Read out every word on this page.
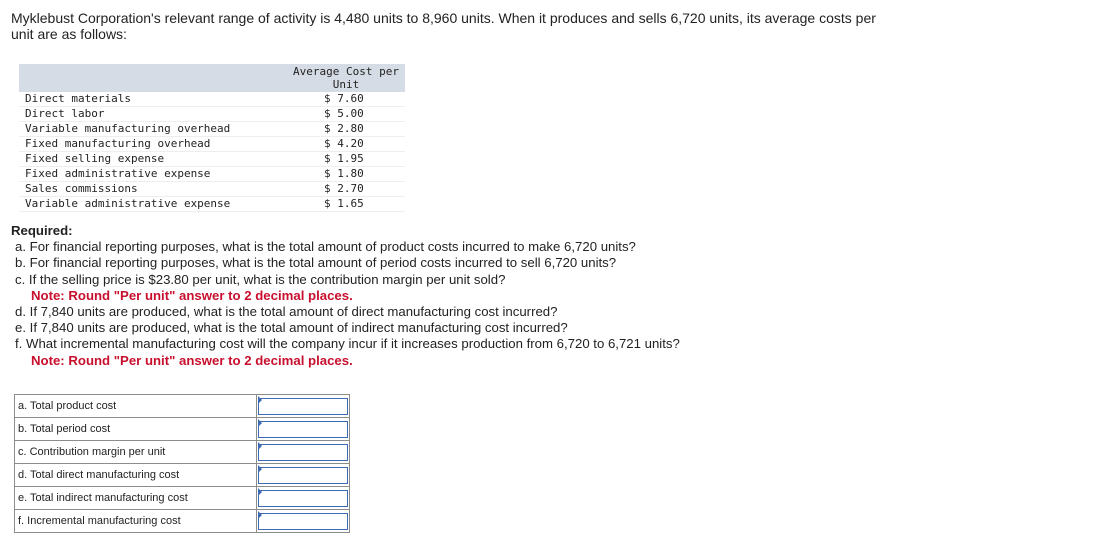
Myklebust Corporation's relevant range of activity is 4,480 units to 8,960 units. When it produces and sells 6,720 units, its average costs per unit are as follows:

	Average Cost per Unit
Direct materials	$ 7.60
Direct labor	$ 5.00
Variable manufacturing overhead	$ 2.80
Fixed manufacturing overhead	$ 4.20
Fixed selling expense	$ 1.95
Fixed administrative expense	$ 1.80
Sales commissions	$ 2.70
Variable administrative expense	$ 1.65
Required:
a. For financial reporting purposes, what is the total amount of product costs incurred to make 6,720 units?
b. For financial reporting purposes, what is the total amount of period costs incurred to sell 6,720 units?
c. If the selling price is $23.80 per unit, what is the contribution margin per unit sold?
Note: Round "Per unit" answer to 2 decimal places.
d. If 7,840 units are produced, what is the total amount of direct manufacturing cost incurred?
e. If 7,840 units are produced, what is the total amount of indirect manufacturing cost incurred?
f. What incremental manufacturing cost will the company incur if it increases production from 6,720 to 6,721 units?
Note: Round "Per unit" answer to 2 decimal places.
a. Total product cost	

b. Total period cost	

c. Contribution margin per unit	

d. Total direct manufacturing cost	

e. Total indirect manufacturing cost	

f. Incremental manufacturing cost	
